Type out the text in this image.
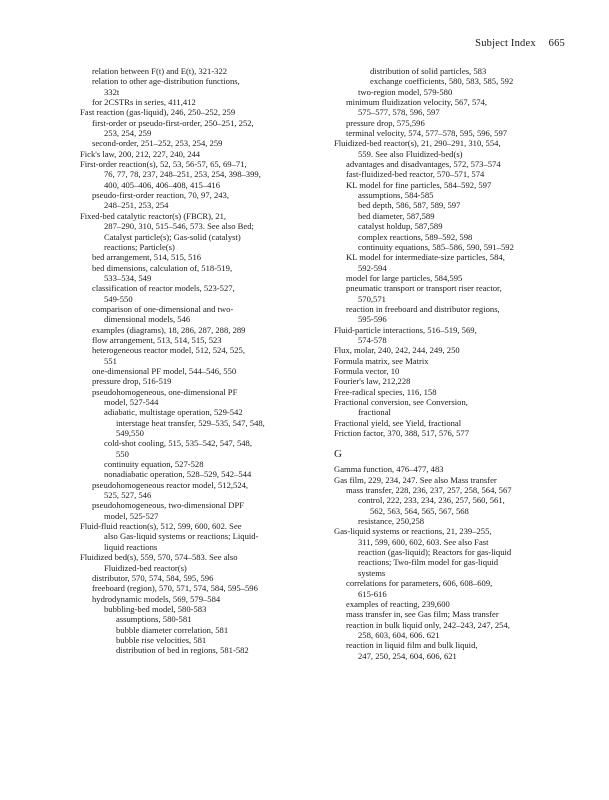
Subject Index 665

relation between F(t) and E(t), 321-322

relation to other age-distribution functions,

332t

for 2CSTRs in series, 411,412

Fast reaction (gas-liquid), 246, 250–252, 259

first-order or pseudo-first-order, 250–251, 252,

253, 254, 259

second-order, 251–252, 253, 254, 259

Fick's law, 200, 212, 227, 240, 244

First-order reaction(s), 52, 53, 56-57, 65, 69–71,

76, 77, 78, 237, 248–251, 253, 254, 398–399,

400, 405–406, 406–408, 415–416

pseudo-first-order reaction, 70, 97, 243,

248–251, 253, 254

Fixed-bed catalytic reactor(s) (FBCR), 21,

287–290, 310, 515–546, 573. See also Bed;

Catalyst particle(s); Gas-solid (catalyst)

reactions; Particle(s)

bed arrangement, 514, 515, 516

bed dimensions, calculation of, 518-519,

533–534, 549

classification of reactor models, 523-527,

549-550

comparison of one-dimensional and two-

dimensional models, 546

examples (diagrams), 18, 286, 287, 288, 289

flow arrangement, 513, 514, 515, 523

heterogeneous reactor model, 512, 524, 525,

551

one-dimensional PF model, 544–546, 550

pressure drop, 516-519

pseudohomogeneous, one-dimensional PF

model, 527-544

adiabatic, multistage operation, 529-542

interstage heat transfer, 529–535, 547, 548,

549,550

cold-shot cooling, 515, 535–542, 547, 548,

550

continuity equation, 527-528

nonadiabatic operation, 528–529, 542–544

pseudohomogeneous reactor model, 512,524,

525, 527, 546

pseudohomogeneous, two-dimensional DPF

model, 525-527

Fluid-fluid reaction(s), 512, 599, 600, 602. See

also Gas-liquid systems or reactions; Liquid-

liquid reactions

Fluidized bed(s), 559, 570, 574–583. See also

Fluidized-bed reactor(s)

distributor, 570, 574, 584, 595, 596

freeboard (region), 570, 571, 574, 584, 595–596

hydrodynamic models, 569, 579–584

bubbling-bed model, 580-583

assumptions, 580-581

bubble diameter correlation, 581

bubble rise velocities, 581

distribution of bed in regions, 581-582

distribution of solid particles, 583

exchange coefficients, 580, 583, 585, 592

two-region model, 579-580

minimum fluidization velocity, 567, 574,

575–577, 578, 596, 597

pressure drop, 575,596

terminal velocity, 574, 577–578, 595, 596, 597

Fluidized-bed reactor(s), 21, 290–291, 310, 554,

559. See also Fluidized-bed(s)

advantages and disadvantages, 572, 573–574

fast-fluidized-bed reactor, 570–571, 574

KL model for fine particles, 584–592, 597

assumptions, 584-585

bed depth, 586, 587, 589, 597

bed diameter, 587,589

catalyst holdup, 587,589

complex reactions, 589–592, 598

continuity equations, 585–586, 590, 591–592

KL model for intermediate-size particles, 584,

592-594

model for large particles, 584,595

pneumatic transport or transport riser reactor,

570,571

reaction in freeboard and distributor regions,

595-596

Fluid-particle interactions, 516–519, 569,

574-578

Flux, molar, 240, 242, 244, 249, 250

Formula matrix, see Matrix

Formula vector, 10

Fourier's law, 212,228

Free-radical species, 116, 158

Fractional conversion, see Conversion,

fractional

Fractional yield, see Yield, fractional

Friction factor, 370, 388, 517, 576, 577

G

Gamma function, 476–477, 483

Gas film, 229, 234, 247. See also Mass transfer

mass transfer, 228, 236, 237, 257, 258, 564, 567

control, 222, 233, 234, 236, 257, 560, 561,

562, 563, 564, 565, 567, 568

resistance, 250,258

Gas-liquid systems or reactions, 21, 239–255,

311, 599, 600, 602, 603. See also Fast

reaction (gas-liquid); Reactors for gas-liquid

reactions; Two-film model for gas-liquid

systems

correlations for parameters, 606, 608–609,

615-616

examples of reacting, 239,600

mass transfer in, see Gas film; Mass transfer

reaction in bulk liquid only, 242–243, 247, 254,

258, 603, 604, 606. 621

reaction in liquid film and bulk liquid,

247, 250, 254, 604, 606, 621
